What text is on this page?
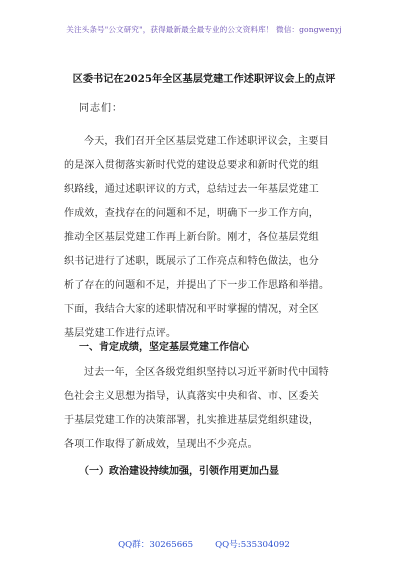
关注头条号"公文研究"，获得最新最全最专业的公文资料库！ 微信：gongwenyj
区委书记在2025年全区基层党建工作述职评议会上的点评
同志们：
今天，我们召开全区基层党建工作述职评议会，主要目
的是深入贯彻落实新时代党的建设总要求和新时代党的组
织路线，通过述职评议的方式，总结过去一年基层党建工
作成效，查找存在的问题和不足，明确下一步工作方向，
推动全区基层党建工作再上新台阶。刚才，各位基层党组
织书记进行了述职，既展示了工作亮点和特色做法，也分
析了存在的问题和不足，并提出了下一步工作思路和举措。
下面，我结合大家的述职情况和平时掌握的情况，对全区
基层党建工作进行点评。
一、肯定成绩，坚定基层党建工作信心
过去一年，全区各级党组织坚持以习近平新时代中国特
色社会主义思想为指导，认真落实中央和省、市、区委关
于基层党建工作的决策部署，扎实推进基层党组织建设，
各项工作取得了新成效，呈现出不少亮点。
（一）政治建设持续加强，引领作用更加凸显
QQ群：30265665	QQ号:535304092
